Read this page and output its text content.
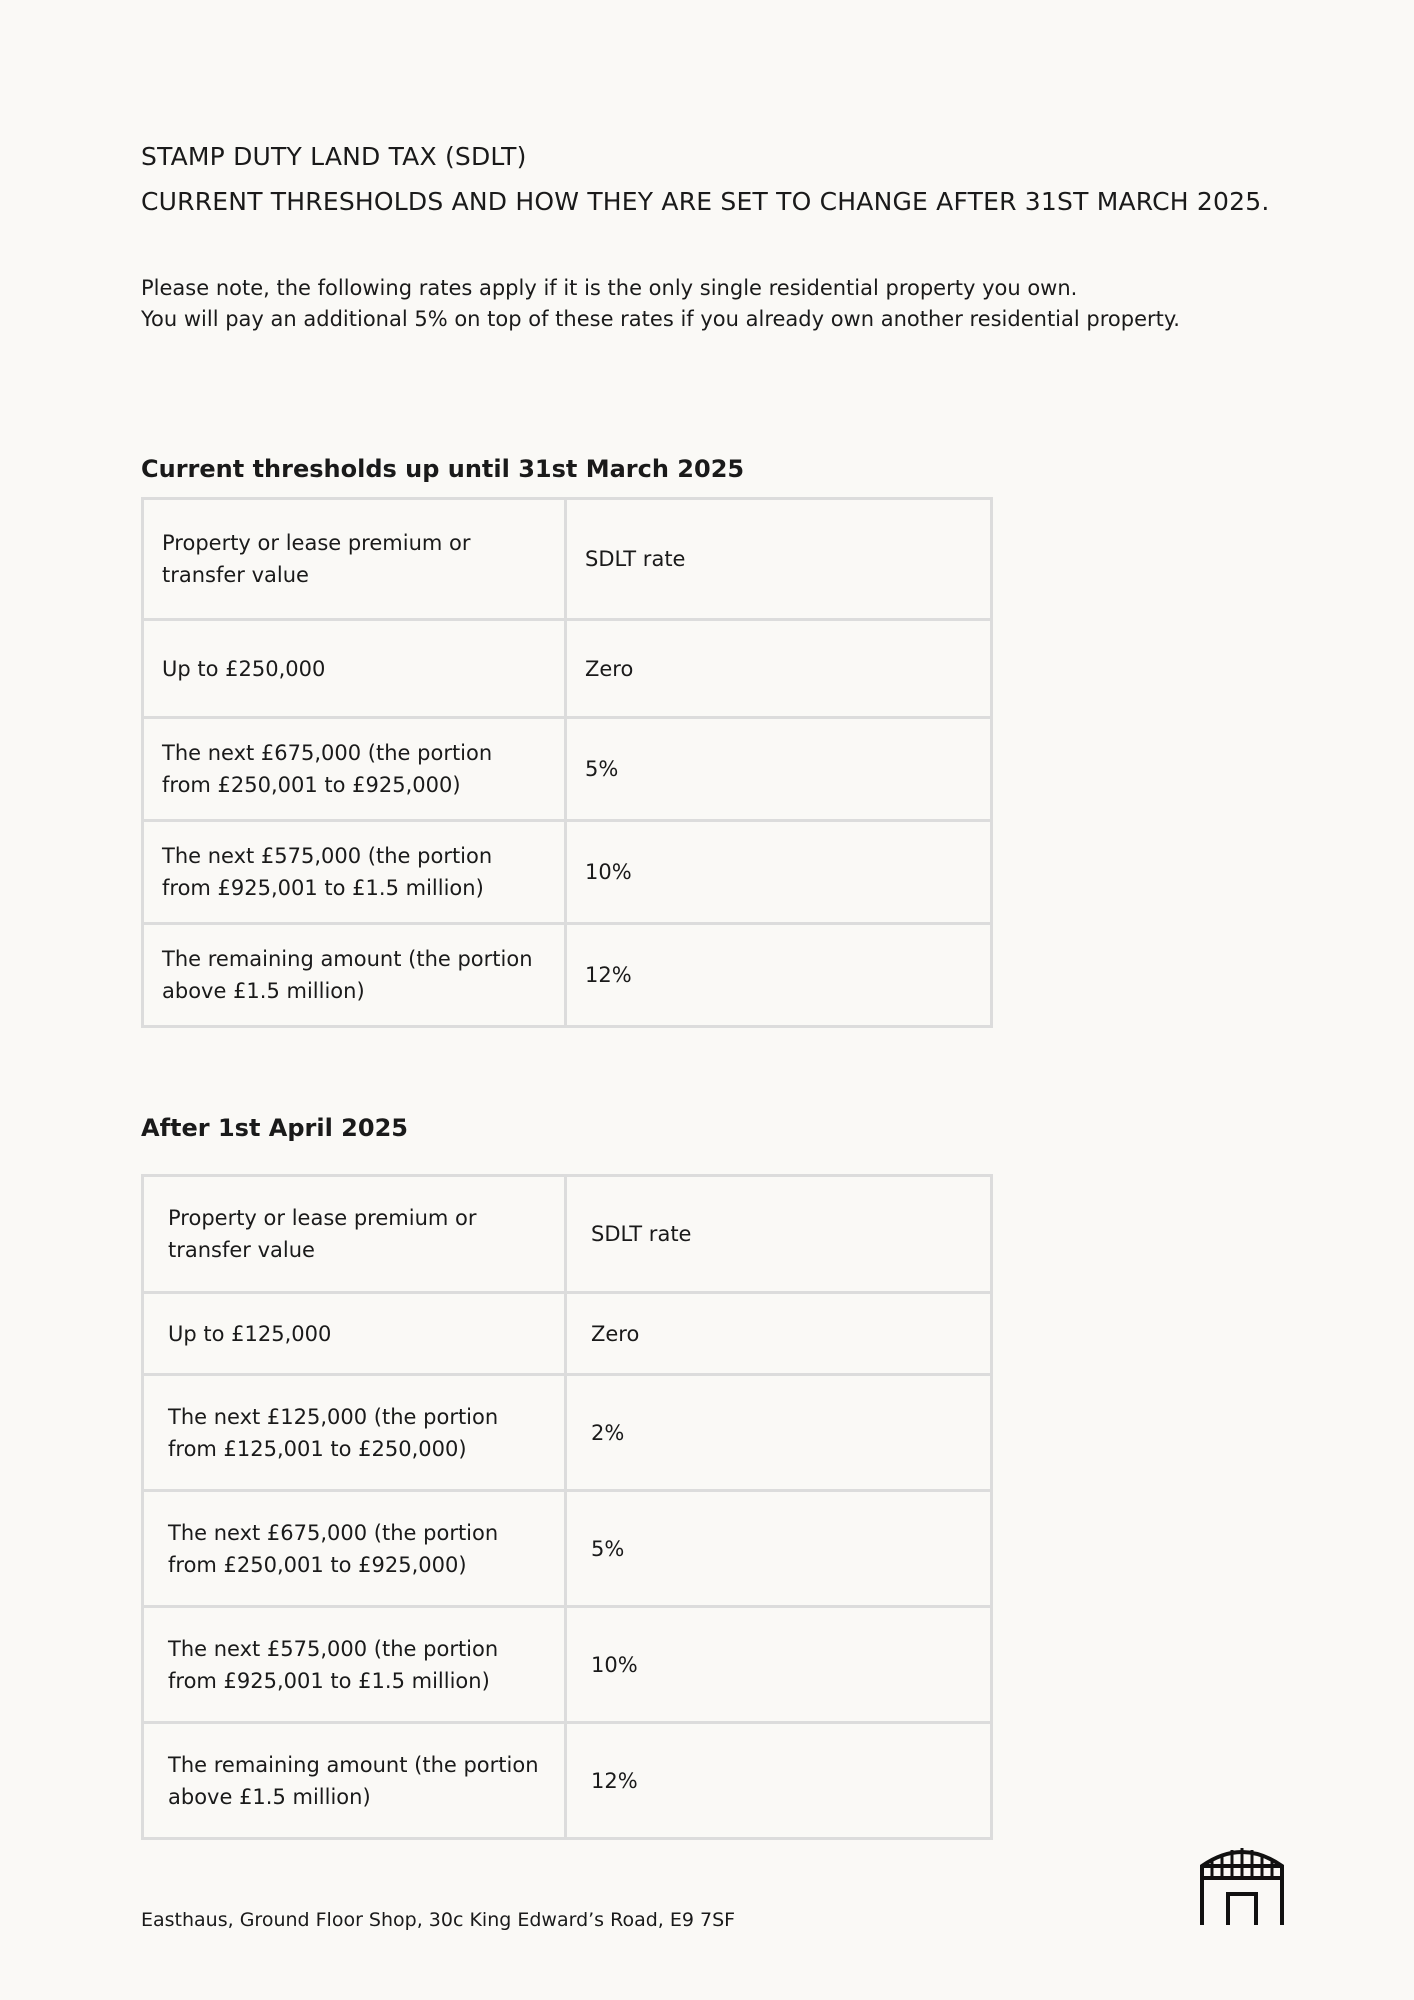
STAMP DUTY LAND TAX (SDLT)
CURRENT THRESHOLDS AND HOW THEY ARE SET TO CHANGE AFTER 31ST MARCH 2025.

Please note, the following rates apply if it is the only single residential property you own.

You will pay an additional 5% on top of these rates if you already own another residential property.

Current thresholds up until 31st March 2025
Property or lease premium or transfer value	SDLT rate
Up to £250,000	Zero
The next £675,000 (the portion from £250,001 to £925,000)	5%
The next £575,000 (the portion from £925,001 to £1.5 million)	10%
The remaining amount (the portion above £1.5 million)	12%
After 1st April 2025
Property or lease premium or transfer value	SDLT rate
Up to £125,000	Zero
The next £125,000 (the portion from £125,001 to £250,000)	2%
The next £675,000 (the portion from £250,001 to £925,000)	5%
The next £575,000 (the portion from £925,001 to £1.5 million)	10%
The remaining amount (the portion above £1.5 million)	12%

Easthaus, Ground Floor Shop, 30c King Edward’s Road, E9 7SF
